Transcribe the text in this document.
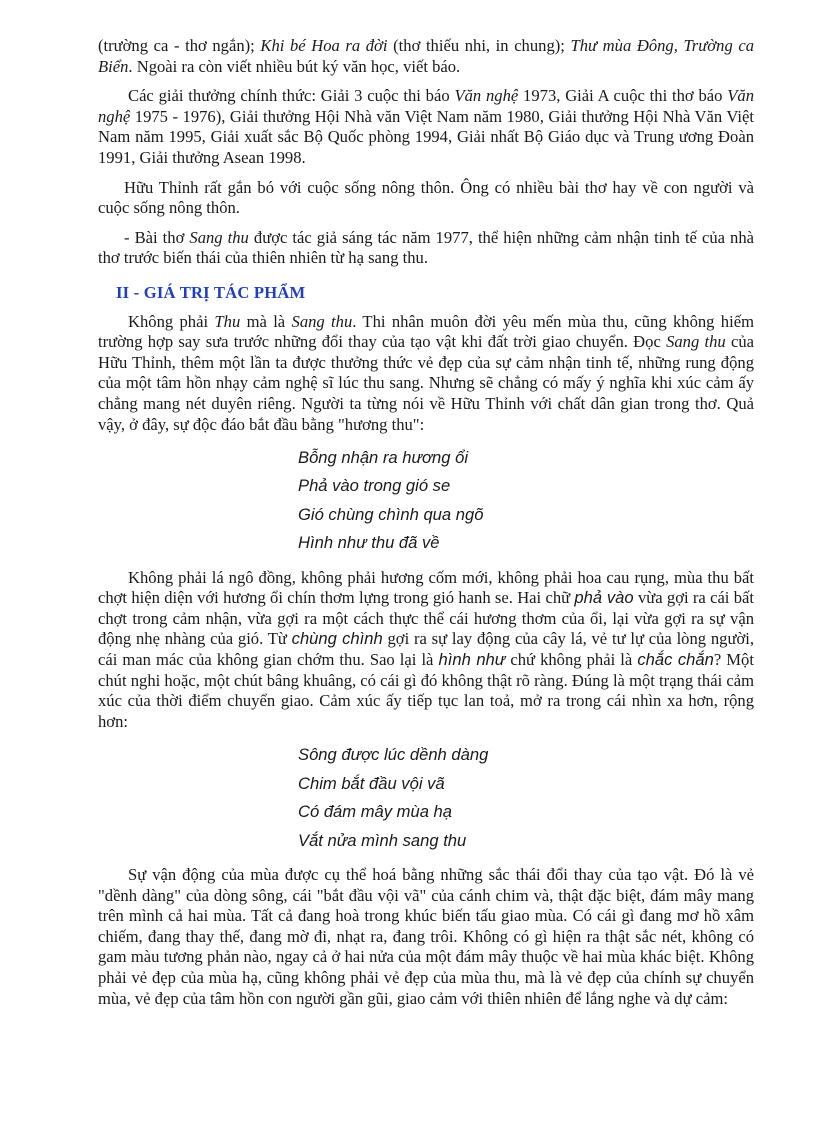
(trường ca - thơ ngắn); Khi bé Hoa ra đời (thơ thiếu nhi, in chung); Thư mùa Đông, Trường ca Biển. Ngoài ra còn viết nhiều bút ký văn học, viết báo.

Các giải thưởng chính thức: Giải 3 cuộc thi báo Văn nghệ 1973, Giải A cuộc thi thơ báo Văn nghệ 1975 - 1976), Giải thưởng Hội Nhà văn Việt Nam năm 1980, Giải thưởng Hội Nhà Văn Việt Nam năm 1995, Giải xuất sắc Bộ Quốc phòng 1994, Giải nhất Bộ Giáo dục và Trung ương Đoàn 1991, Giải thưởng Asean 1998.

Hữu Thỉnh rất gắn bó với cuộc sống nông thôn. Ông có nhiều bài thơ hay về con người và cuộc sống nông thôn.

- Bài thơ Sang thu được tác giả sáng tác năm 1977, thể hiện những cảm nhận tinh tế của nhà thơ trước biến thái của thiên nhiên từ hạ sang thu.

II - GIÁ TRỊ TÁC PHẨM

Không phải Thu mà là Sang thu. Thi nhân muôn đời yêu mến mùa thu, cũng không hiếm trường hợp say sưa trước những đổi thay của tạo vật khi đất trời giao chuyển. Đọc Sang thu của Hữu Thỉnh, thêm một lần ta được thưởng thức vẻ đẹp của sự cảm nhận tinh tế, những rung động của một tâm hồn nhạy cảm nghệ sĩ lúc thu sang. Nhưng sẽ chẳng có mấy ý nghĩa khi xúc cảm ấy chẳng mang nét duyên riêng. Người ta từng nói về Hữu Thỉnh với chất dân gian trong thơ. Quả vậy, ở đây, sự độc đáo bắt đầu bằng "hương thu":

Bỗng nhận ra hương ổi
Phả vào trong gió se
Gió chùng chình qua ngõ
Hình như thu đã về

Không phải lá ngô đồng, không phải hương cốm mới, không phải hoa cau rụng, mùa thu bất chợt hiện diện với hương ổi chín thơm lựng trong gió hanh se. Hai chữ phả vào vừa gợi ra cái bất chợt trong cảm nhận, vừa gợi ra một cách thực thể cái hương thơm của ổi, lại vừa gợi ra sự vận động nhẹ nhàng của gió. Từ chùng chình gợi ra sự lay động của cây lá, vẻ tư lự của lòng người, cái man mác của không gian chớm thu. Sao lại là hình như chứ không phải là chắc chắn? Một chút nghi hoặc, một chút bâng khuâng, có cái gì đó không thật rõ ràng. Đúng là một trạng thái cảm xúc của thời điểm chuyển giao. Cảm xúc ấy tiếp tục lan toả, mở ra trong cái nhìn xa hơn, rộng hơn:

Sông được lúc dềnh dàng
Chim bắt đầu vội vã
Có đám mây mùa hạ
Vắt nửa mình sang thu

Sự vận động của mùa được cụ thể hoá bằng những sắc thái đổi thay của tạo vật. Đó là vẻ "dềnh dàng" của dòng sông, cái "bắt đầu vội vã" của cánh chim và, thật đặc biệt, đám mây mang trên mình cả hai mùa. Tất cả đang hoà trong khúc biến tấu giao mùa. Có cái gì đang mơ hồ xâm chiếm, đang thay thế, đang mờ đi, nhạt ra, đang trôi. Không có gì hiện ra thật sắc nét, không có gam màu tương phản nào, ngay cả ở hai nửa của một đám mây thuộc về hai mùa khác biệt. Không phải vẻ đẹp của mùa hạ, cũng không phải vẻ đẹp của mùa thu, mà là vẻ đẹp của chính sự chuyển mùa, vẻ đẹp của tâm hồn con người gần gũi, giao cảm với thiên nhiên để lắng nghe và dự cảm:
